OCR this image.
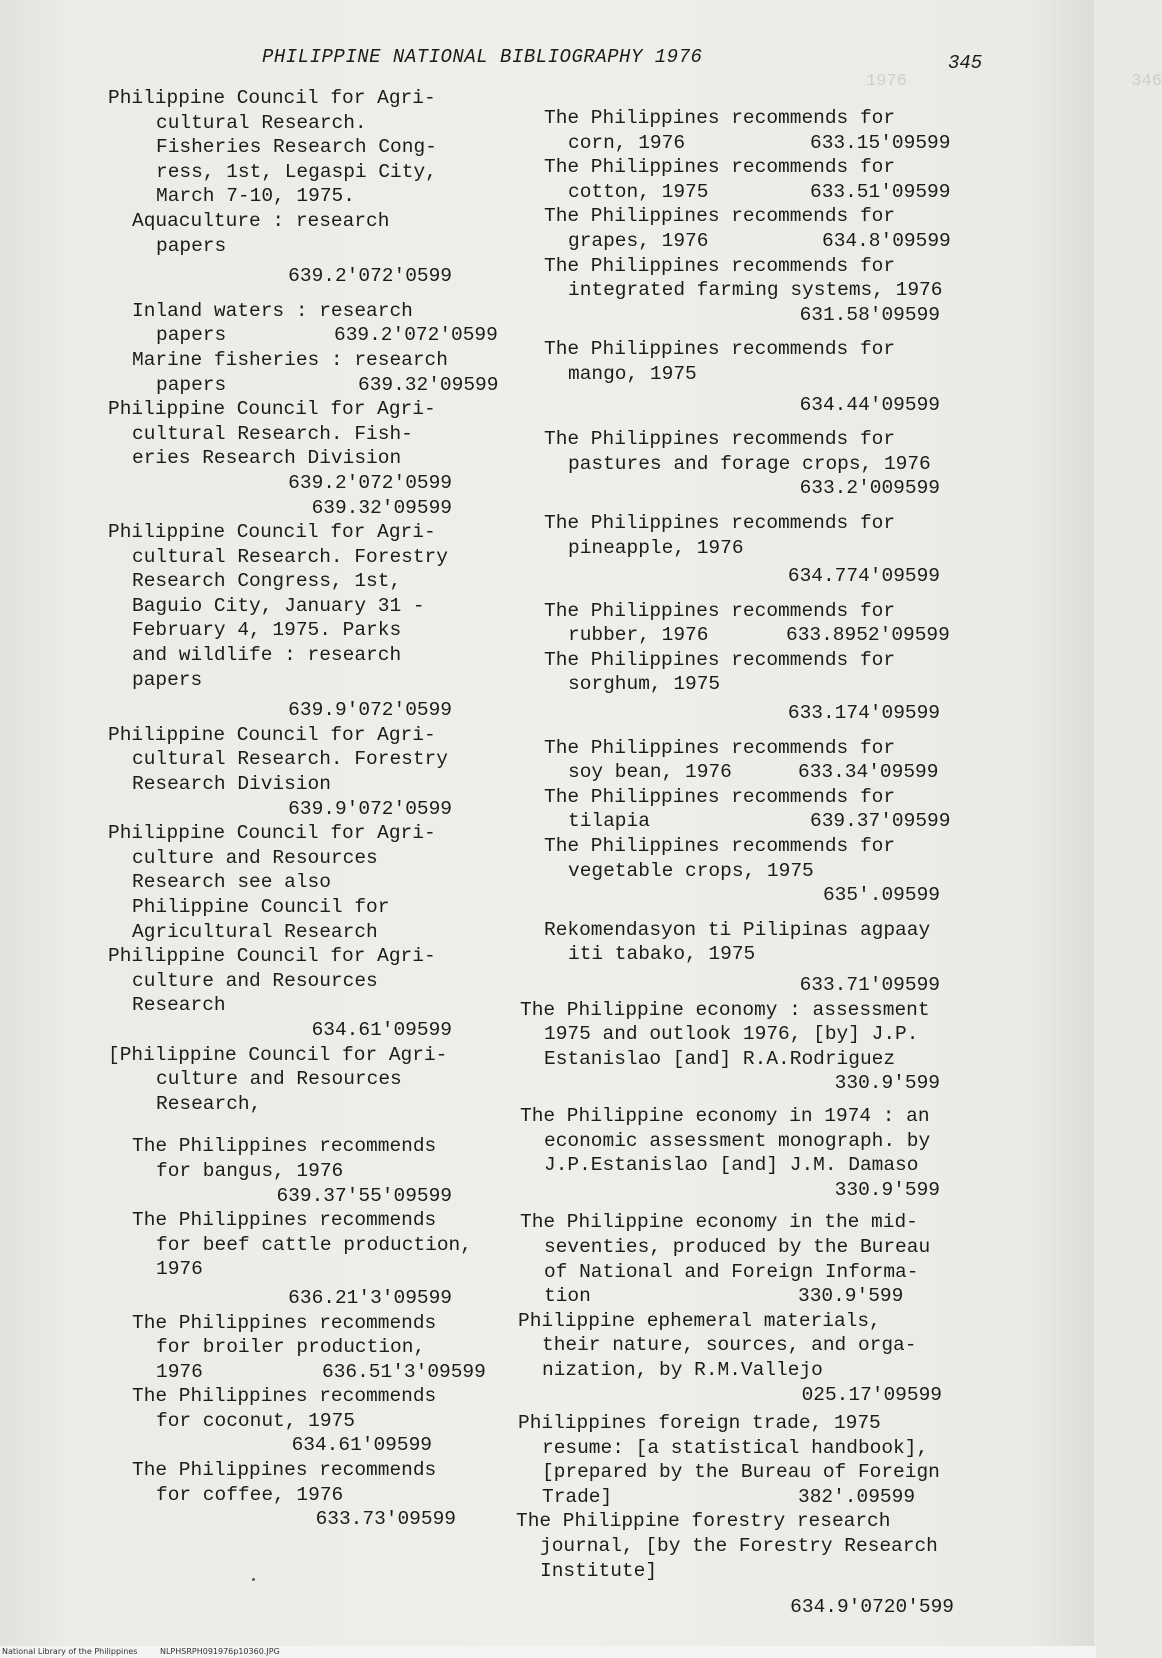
1976                      346
PHILIPPINE NATIONAL BIBLIOGRAPHY 1976	345
Philippine Council for Agri-
cultural Research.
Fisheries Research Cong-
ress, 1st, Legaspi City,
March 7-10, 1975.
Aquaculture : research
papers
639.2'072'0599
Inland waters : research
papers	639.2'072'0599
Marine fisheries : research
papers	639.32'09599
Philippine Council for Agri-
cultural Research. Fish-
eries Research Division
639.2'072'0599
639.32'09599
Philippine Council for Agri-
cultural Research. Forestry
Research Congress, 1st,
Baguio City, January 31 -
February 4, 1975. Parks
and wildlife : research
papers
639.9'072'0599
Philippine Council for Agri-
cultural Research. Forestry
Research Division
639.9'072'0599
Philippine Council for Agri-
culture and Resources
Research see also
Philippine Council for
Agricultural Research
Philippine Council for Agri-
culture and Resources
Research
634.61'09599
[Philippine Council for Agri-
culture and Resources
Research,
The Philippines recommends
for bangus, 1976
639.37'55'09599
The Philippines recommends
for beef cattle production,
1976
636.21'3'09599
The Philippines recommends
for broiler production,
1976	636.51'3'09599
The Philippines recommends
for coconut, 1975
634.61'09599
The Philippines recommends
for coffee, 1976
633.73'09599
The Philippines recommends for
corn, 1976	633.15'09599
The Philippines recommends for
cotton, 1975	633.51'09599
The Philippines recommends for
grapes, 1976	634.8'09599
The Philippines recommends for
integrated farming systems, 1976
631.58'09599
The Philippines recommends for
mango, 1975
634.44'09599
The Philippines recommends for
pastures and forage crops, 1976
633.2'009599
The Philippines recommends for
pineapple, 1976
634.774'09599
The Philippines recommends for
rubber, 1976	633.8952'09599
The Philippines recommends for
sorghum, 1975
633.174'09599
The Philippines recommends for
soy bean, 1976	633.34'09599
The Philippines recommends for
tilapia	639.37'09599
The Philippines recommends for
vegetable crops, 1975
635'.09599
Rekomendasyon ti Pilipinas agpaay
iti tabako, 1975
633.71'09599
The Philippine economy : assessment
1975 and outlook 1976, [by] J.P.
Estanislao [and] R.A.Rodriguez
330.9'599
The Philippine economy in 1974 : an
economic assessment monograph. by
J.P.Estanislao [and] J.M. Damaso
330.9'599
The Philippine economy in the mid-
seventies, produced by the Bureau
of National and Foreign Informa-
tion	330.9'599
Philippine ephemeral materials,
their nature, sources, and orga-
nization, by R.M.Vallejo
025.17'09599
Philippines foreign trade, 1975
resume: [a statistical handbook],
[prepared by the Bureau of Foreign
Trade]	382'.09599
The Philippine forestry research
journal, [by the Forestry Research
Institute]
634.9'0720'599
National Library of the Philippines	NLPHSRPH091976p10360.JPG
